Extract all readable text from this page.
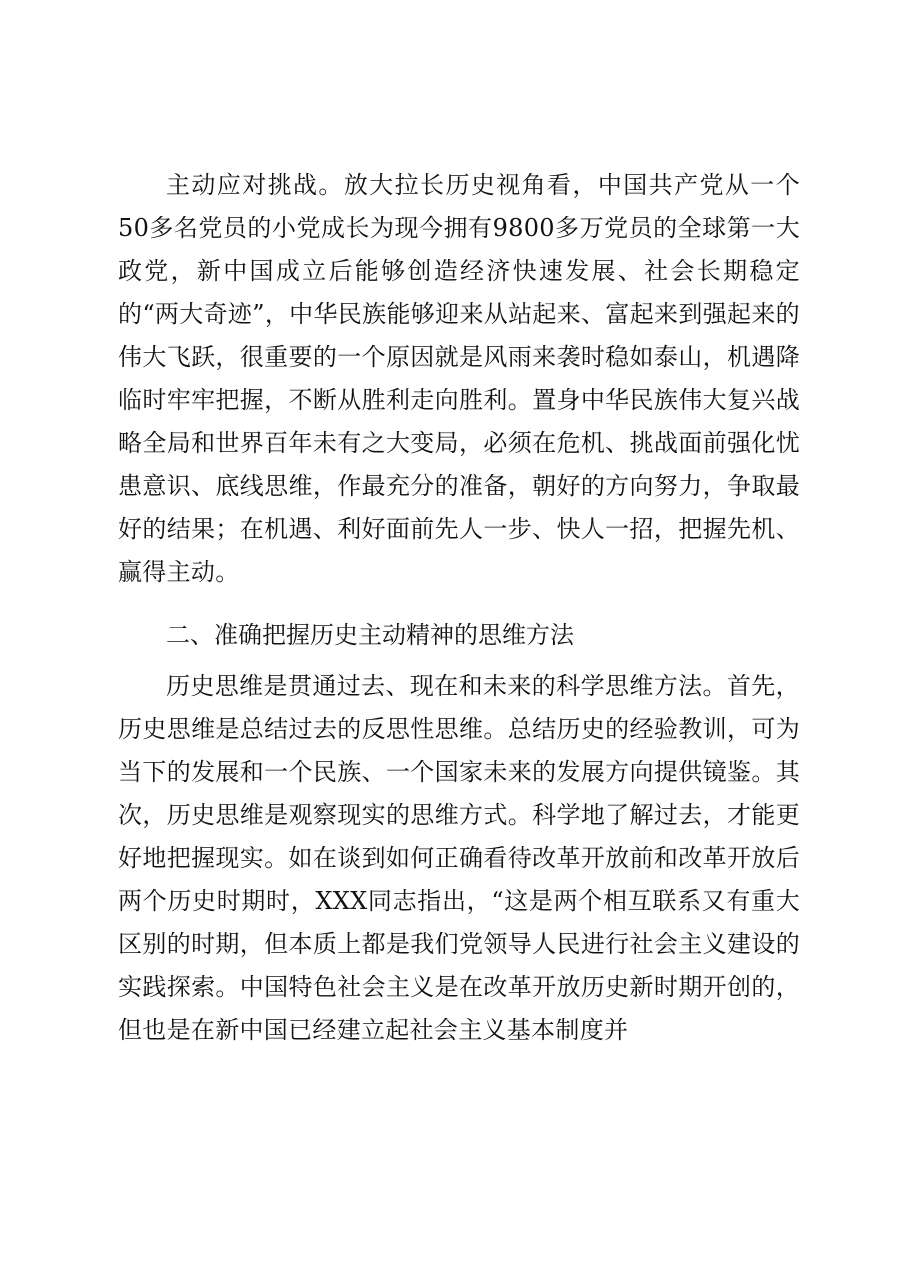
主动应对挑战。放大拉长历史视角看，中国共产党从一个50多名党员的小党成长为现今拥有9800多万党员的全球第一大政党，新中国成立后能够创造经济快速发展、社会长期稳定的“两大奇迹”，中华民族能够迎来从站起来、富起来到强起来的伟大飞跃，很重要的一个原因就是风雨来袭时稳如泰山，机遇降临时牢牢把握，不断从胜利走向胜利。置身中华民族伟大复兴战略全局和世界百年未有之大变局，必须在危机、挑战面前强化忧患意识、底线思维，作最充分的准备，朝好的方向努力，争取最好的结果；在机遇、利好面前先人一步、快人一招，把握先机、赢得主动。

二、准确把握历史主动精神的思维方法

历史思维是贯通过去、现在和未来的科学思维方法。首先，历史思维是总结过去的反思性思维。总结历史的经验教训，可为当下的发展和一个民族、一个国家未来的发展方向提供镜鉴。其次，历史思维是观察现实的思维方式。科学地了解过去，才能更好地把握现实。如在谈到如何正确看待改革开放前和改革开放后两个历史时期时，XXX同志指出，“这是两个相互联系又有重大区别的时期，但本质上都是我们党领导人民进行社会主义建设的实践探索。中国特色社会主义是在改革开放历史新时期开创的，但也是在新中国已经建立起社会主义基本制度并
